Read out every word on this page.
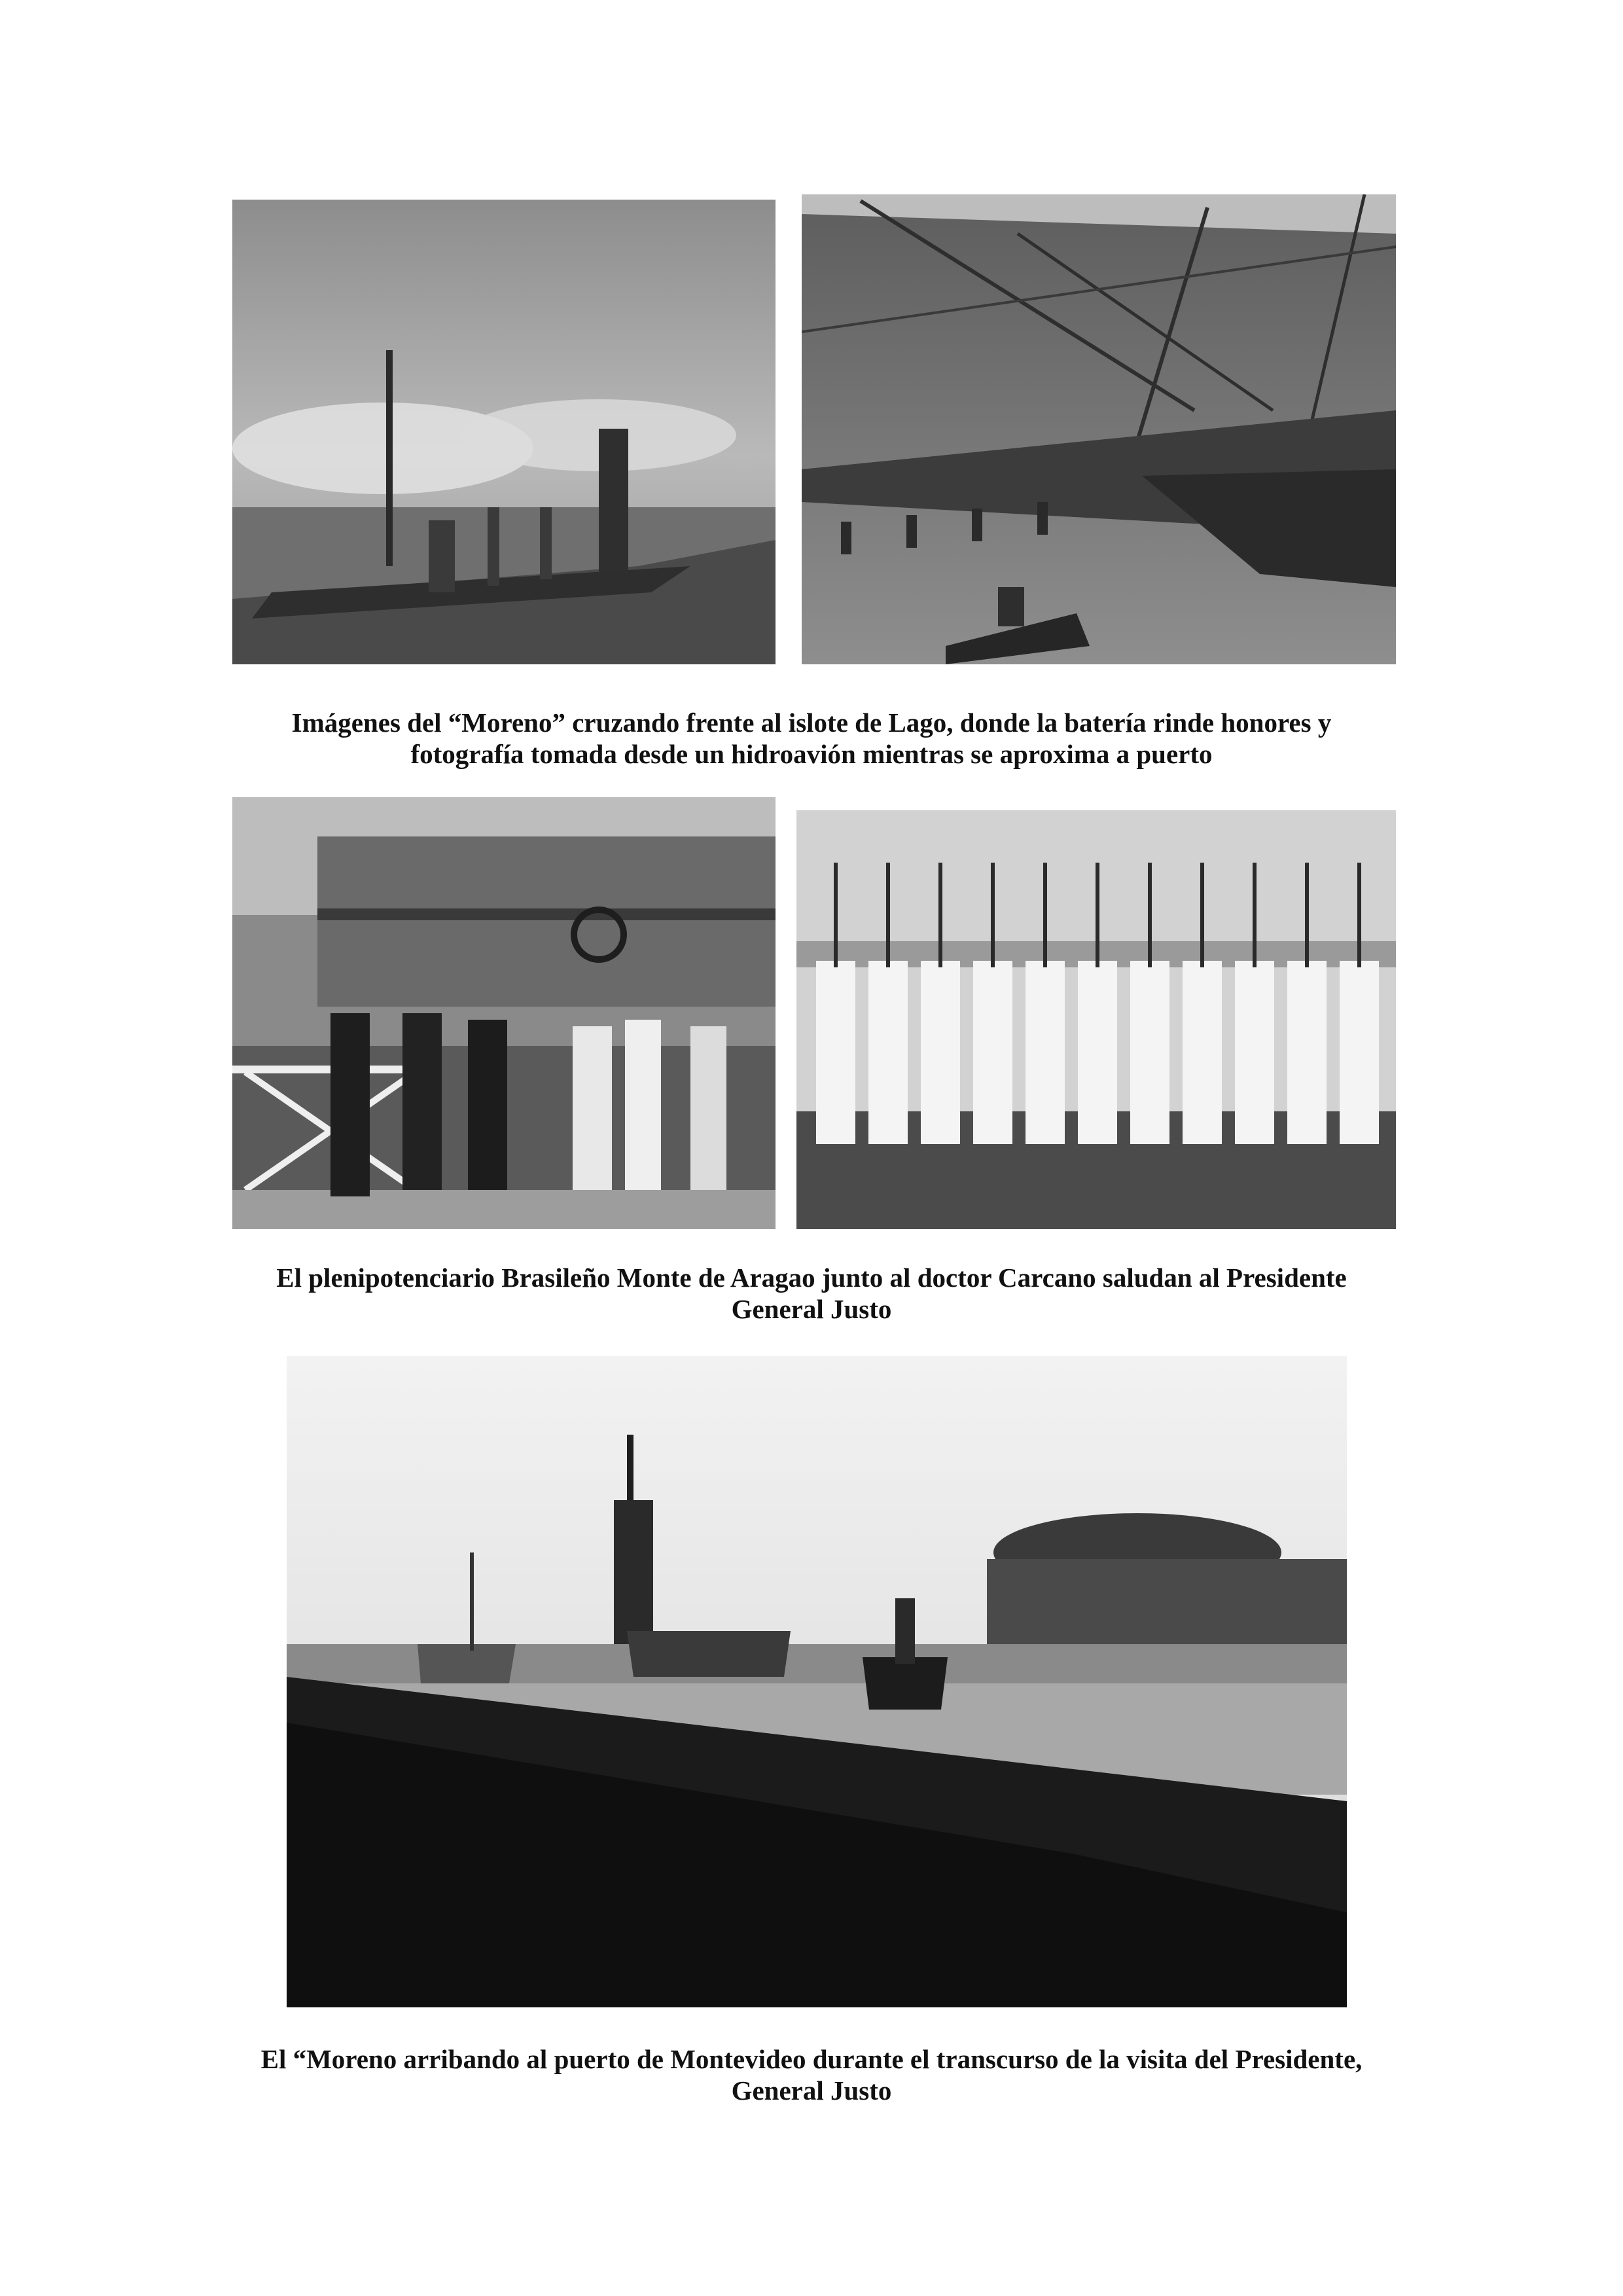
Imágenes del “Moreno” cruzando frente al islote de Lago, donde la batería rinde honores y
fotografía tomada desde un hidroavión mientras se aproxima a puerto
El plenipotenciario Brasileño Monte de Aragao junto al doctor Carcano saludan al Presidente
General Justo
El “Moreno arribando al puerto de Montevideo durante el transcurso de la visita del Presidente,
General Justo
